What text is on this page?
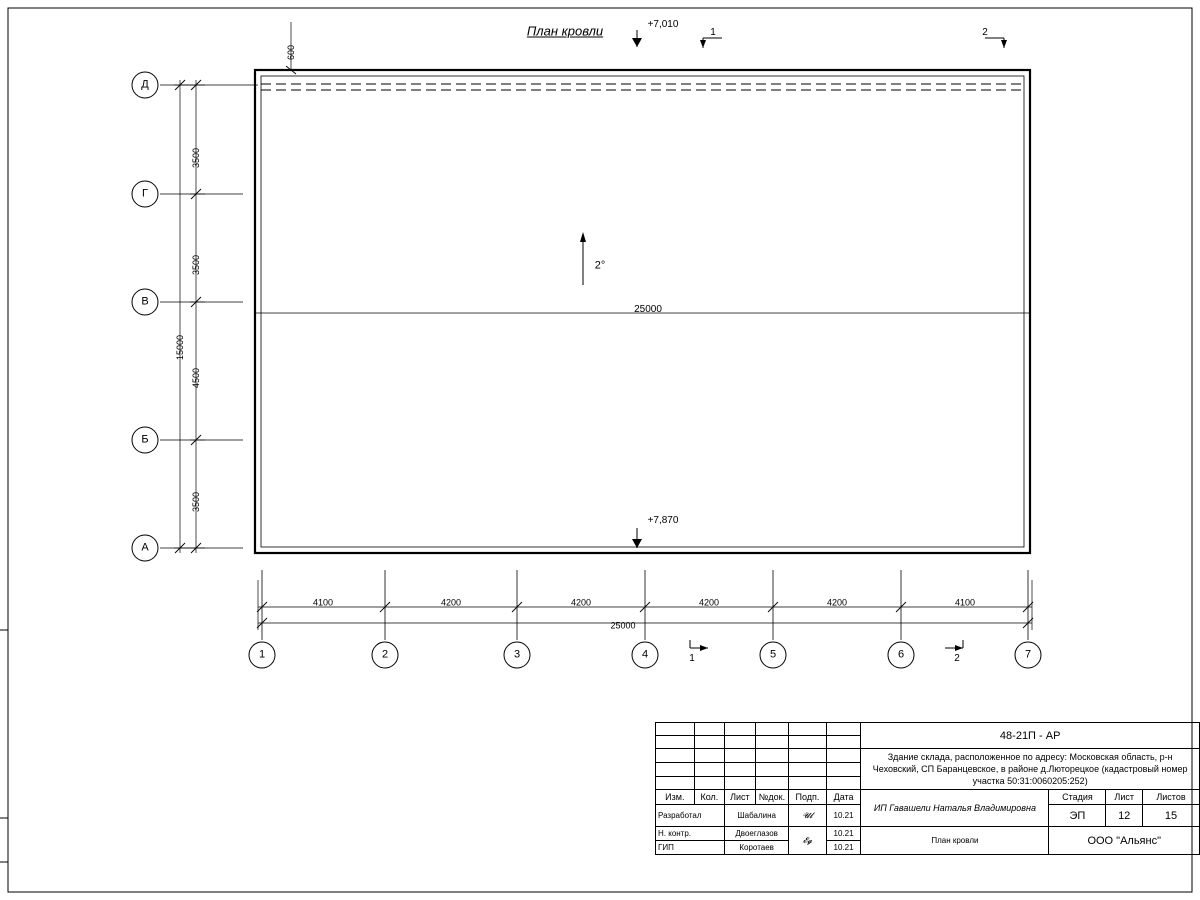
План кровли
600
+7,010
+7,870
2°
25000
1	2
1	2
Д
Г
В
Б
А
3500
3500
4500
3500
15000
1	2	3	4	5	6	7
4100	4200	4200	4200	4200	4100
25000
						48-21П - АР			

						Здание склада, расположенное по адресу: Московская область, р-н Чеховский, СП Баранцевское, в районе д.Люторецкое (кадастровый номер участка 50:31:0060205:252)			

Изм.	Кол.	Лист	№док.	Подп.	Дата	ИП Гавашели Наталья Владимировна	Стадия	Лист	Листов
Разработал		Шабалина		𝓤𝓵	10.21		ЭП	12	15
Н. контр.		Двоеглазов		𝓔𝓰	10.21	План кровли	ООО "Альянс"		
ГИП		Коротаев			10.21				
